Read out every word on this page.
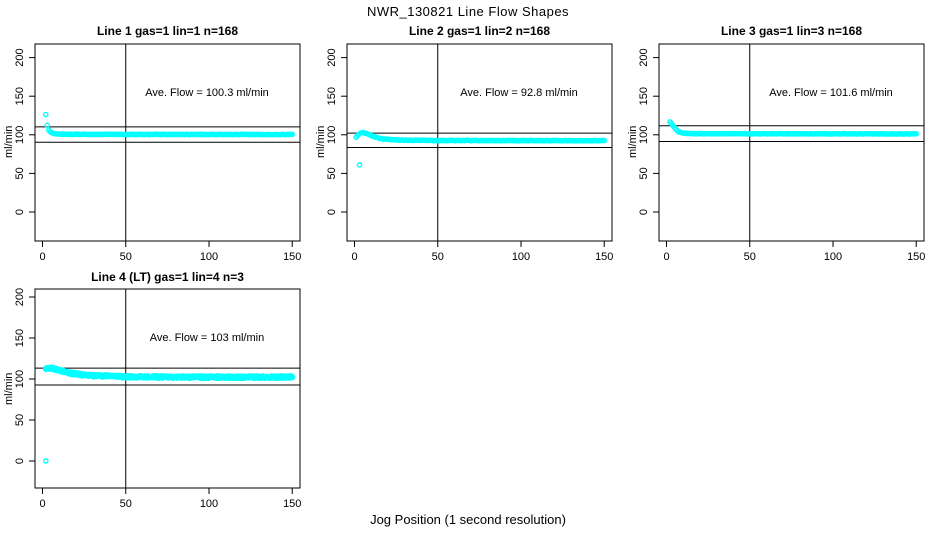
NWR_130821 Line Flow Shapes
Line 1 gas=1 lin=1 n=168
ml/min
0	50	100	150
0
50
100
150
200
Ave. Flow = 100.3 ml/min
Line 2 gas=1 lin=2 n=168
ml/min
0	50	100	150
0
50
100
150
200
Ave. Flow = 92.8 ml/min
Line 3 gas=1 lin=3 n=168
ml/min
0	50	100	150
0
50
100
150
200
Ave. Flow = 101.6 ml/min
Line 4 (LT) gas=1 lin=4 n=3
ml/min
0	50	100	150
0
50
100
150
200
Ave. Flow = 103 ml/min
Jog Position (1 second resolution)
